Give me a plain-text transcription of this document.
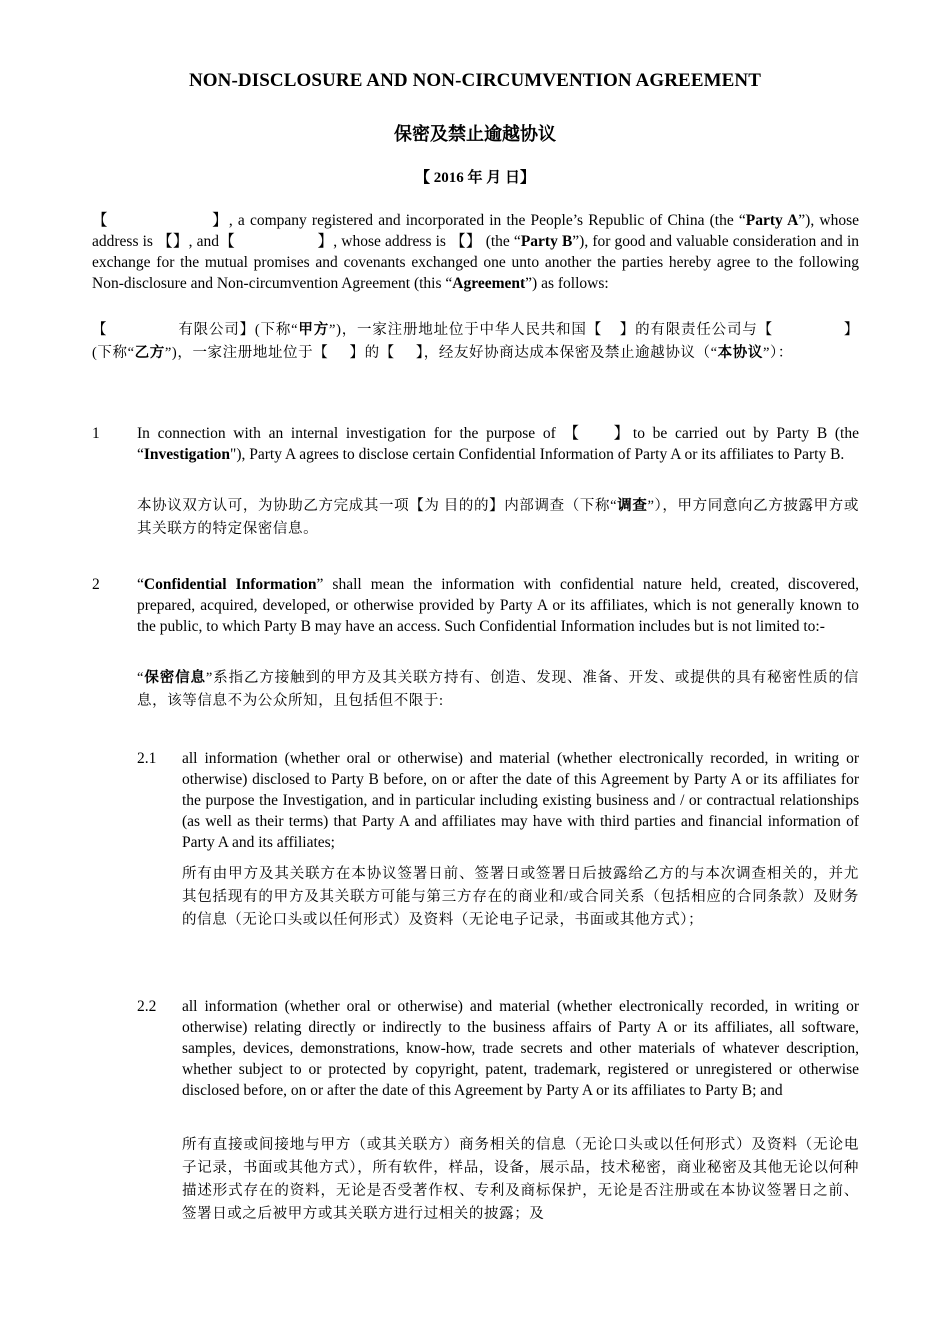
NON-DISCLOSURE AND NON-CIRCUMVENTION AGREEMENT
保密及禁止逾越协议
【 2016 年 月 日】
【                    】, a company registered and incorporated in the People’s Republic of China (the “Party A”), whose address is 【】, and【                    】, whose address is 【】 (the “Party B”), for good and valuable consideration and in exchange for the mutual promises and covenants exchanged one unto another the parties hereby agree to the following Non-disclosure and Non-circumvention Agreement (this “Agreement”) as follows:
【                有限公司】(下称“甲方”)，一家注册地址位于中华人民共和国【    】的有限责任公司与【                】(下称“乙方”)，一家注册地址位于【     】的【     】，经友好协商达成本保密及禁止逾越协议（“本协议”）：
1 In connection with an internal investigation for the purpose of 【    】to be carried out by Party B (the “Investigation"), Party A agrees to disclose certain Confidential Information of Party A or its affiliates to Party B.
本协议双方认可，为协助乙方完成其一项【为 目的的】内部调查（下称“调查”），甲方同意向乙方披露甲方或其关联方的特定保密信息。
2 “Confidential Information” shall mean the information with confidential nature held, created, discovered, prepared, acquired, developed, or otherwise provided by Party A or its affiliates, which is not generally known to the public, to which Party B may have an access. Such Confidential Information includes but is not limited to:-
“保密信息”系指乙方接触到的甲方及其关联方持有、创造、发现、准备、开发、或提供的具有秘密性质的信息，该等信息不为公众所知，且包括但不限于:
2.1 all information (whether oral or otherwise) and material (whether electronically recorded, in writing or otherwise) disclosed to Party B before, on or after the date of this Agreement by Party A or its affiliates for the purpose the Investigation, and in particular including existing business and / or contractual relationships (as well as their terms) that Party A and affiliates may have with third parties and financial information of Party A and its affiliates;
所有由甲方及其关联方在本协议签署日前、签署日或签署日后披露给乙方的与本次调查相关的，并尤其包括现有的甲方及其关联方可能与第三方存在的商业和/或合同关系（包括相应的合同条款）及财务的信息（无论口头或以任何形式）及资料（无论电子记录，书面或其他方式）；
2.2 all information (whether oral or otherwise) and material (whether electronically recorded, in writing or otherwise) relating directly or indirectly to the business affairs of Party A or its affiliates, all software, samples, devices, demonstrations, know-how, trade secrets and other materials of whatever description, whether subject to or protected by copyright, patent, trademark, registered or unregistered or otherwise disclosed before, on or after the date of this Agreement by Party A or its affiliates to Party B; and
所有直接或间接地与甲方（或其关联方）商务相关的信息（无论口头或以任何形式）及资料（无论电子记录，书面或其他方式），所有软件，样品，设备，展示品，技术秘密，商业秘密及其他无论以何种描述形式存在的资料，无论是否受著作权、专利及商标保护，无论是否注册或在本协议签署日之前、签署日或之后被甲方或其关联方进行过相关的披露；及
